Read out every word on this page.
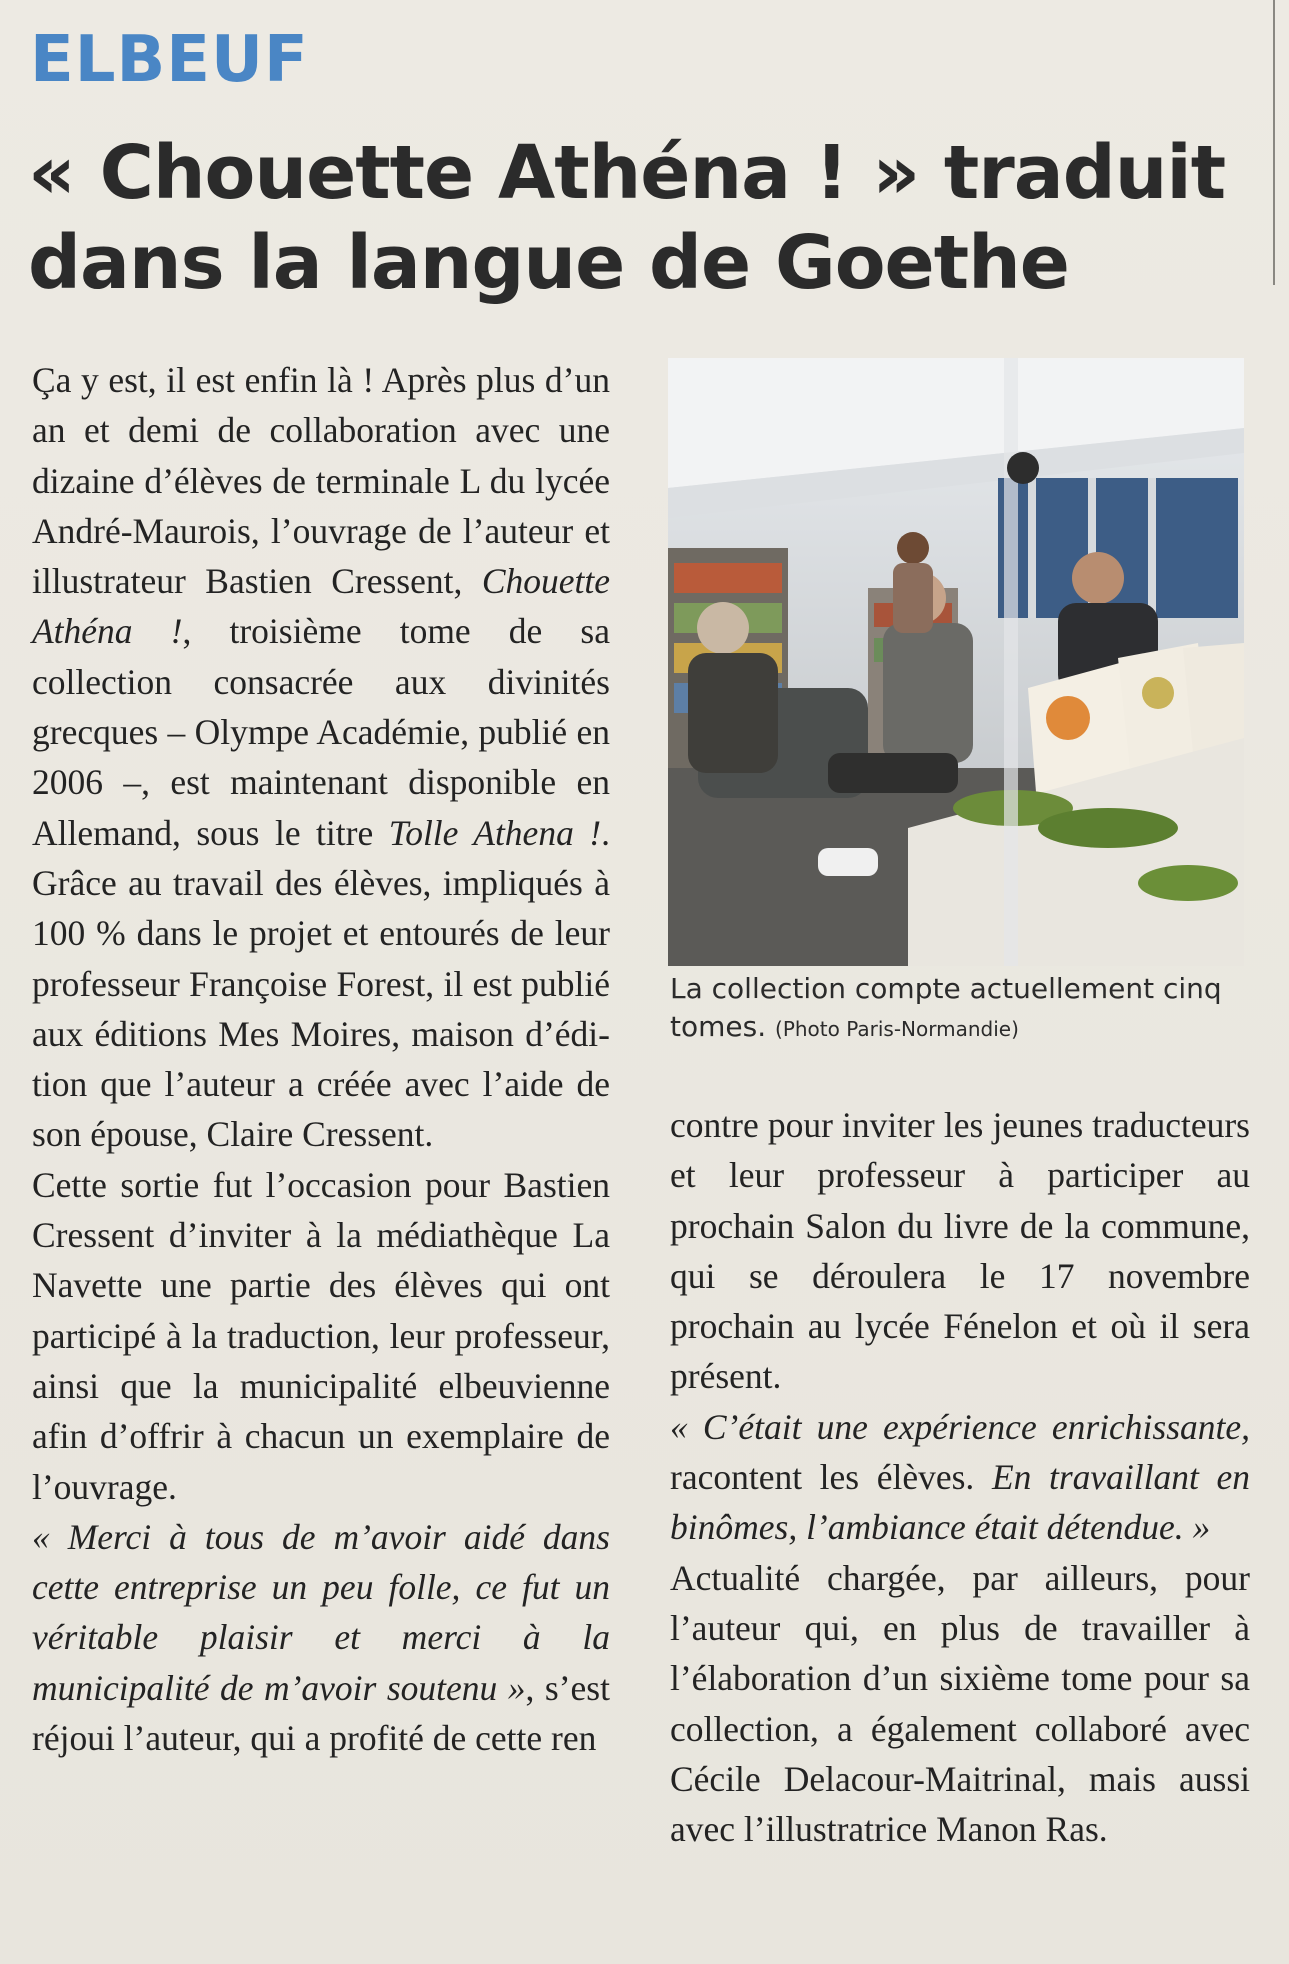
ELBEUF
« Chouette Athéna ! » traduit dans la langue de Goethe

Ça y est, il est enfin là ! Après plus d’un an et demi de collaboration avec une dizaine d’élèves de terminale L du lycée André-Maurois, l’ouvrage de l’auteur et illustrateur Bastien Cressent, Chouette Athéna !, troisième tome de sa collection consacrée aux divinités grecques – Olympe Académie, publié en 2006 –, est maintenant disponible en Allemand, sous le titre Tolle Athena !. Grâce au travail des élèves, impliqués à 100 % dans le projet et entourés de leur professeur Françoise Forest, il est publié aux éditions Mes Moires, maison d’édition que l’auteur a créée avec l’aide de son épouse, Claire Cressent.

Cette sortie fut l’occasion pour Bastien Cressent d’inviter à la médiathèque La Navette une partie des élèves qui ont participé à la traduction, leur professeur, ainsi que la municipalité elbeuvienne afin d’offrir à chacun un exemplaire de l’ouvrage.

« Merci à tous de m’avoir aidé dans cette entreprise un peu folle, ce fut un véritable plaisir et merci à la municipalité de m’avoir soutenu », s’est réjoui l’auteur, qui a profité de cette ren

La collection compte actuellement cinq tomes. (Photo Paris-Normandie)

contre pour inviter les jeunes traducteurs et leur professeur à participer au prochain Salon du livre de la commune, qui se déroulera le 17 novembre prochain au lycée Fénelon et où il sera présent.

« C’était une expérience enrichissante, racontent les élèves. En travaillant en binômes, l’ambiance était détendue. »

Actualité chargée, par ailleurs, pour l’auteur qui, en plus de travailler à l’élaboration d’un sixième tome pour sa collection, a également collaboré avec Cécile Delacour-Maitrinal, mais aussi avec l’illustratrice Manon Ras.
